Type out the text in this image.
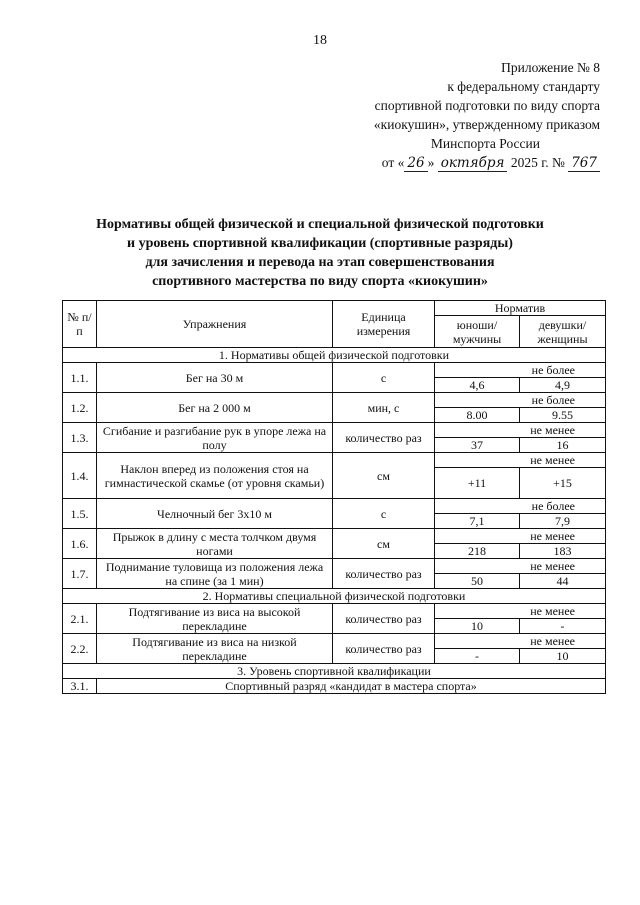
18
Приложение № 8
к федеральному стандарту
спортивной подготовки по виду спорта
«киокушин», утвержденному приказом
Минспорта России
от « 26 » октября 2025 г. № 767
Нормативы общей физической и специальной физической подготовки
и уровень спортивной квалификации (спортивные разряды)
для зачисления и перевода на этап совершенствования
спортивного мастерства по виду спорта «киокушин»
№ п/п	Упражнения	Единица измерения	Норматив	
			юноши/ мужчины	девушки/ женщины
1. Нормативы общей физической подготовки				
1.1.	Бег на 30 м	с	не более	
			4,6	4,9
1.2.	Бег на 2 000 м	мин, с	не более	
			8.00	9.55
1.3.	Сгибание и разгибание рук в упоре лежа на полу	количество раз	не менее	
			37	16
1.4.	Наклон вперед из положения стоя на гимнастической скамье (от уровня скамьи)	см	не менее	
			+11	+15
1.5.	Челночный бег 3х10 м	с	не более	
			7,1	7,9
1.6.	Прыжок в длину с места толчком двумя ногами	см	не менее	
			218	183
1.7.	Поднимание туловища из положения лежа на спине (за 1 мин)	количество раз	не менее	
			50	44
2. Нормативы специальной физической подготовки				
2.1.	Подтягивание из виса на высокой перекладине	количество раз	не менее	
			10	-
2.2.	Подтягивание из виса на низкой перекладине	количество раз	не менее	
			-	10
3. Уровень спортивной квалификации				
3.1.	Спортивный разряд «кандидат в мастера спорта»			
